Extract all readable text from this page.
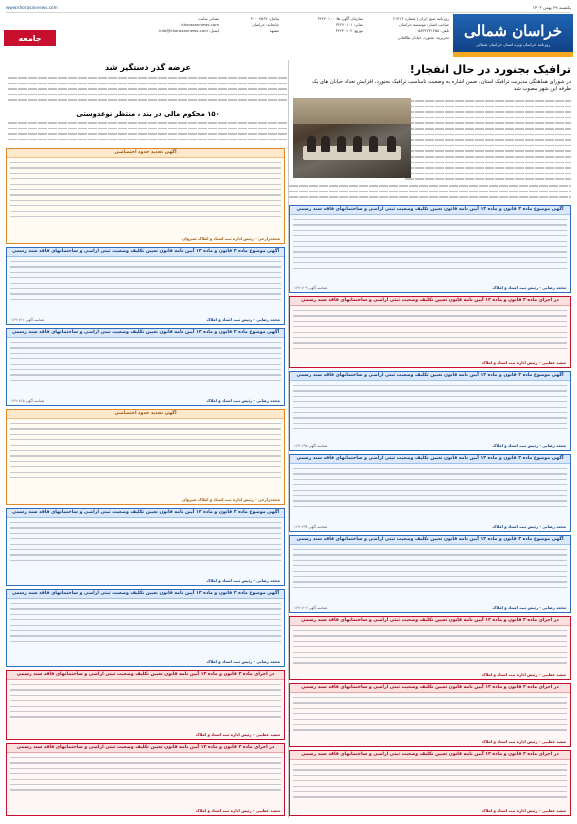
یکشنبه ۲۹ بهمن ۱۴۰۲
www.khorasannews.com
خراسان شمالی
روزنامه خراسان ویژه استان خراسان شمالی
روزنامه صبح ایران | شماره ۲۱۳۱۲
صاحب امتیاز: موسسه خراسان
تلفن: ۰۵۸۳۲۲۳۱۴۵۸
تحریریه: بجنورد، خیابان طالقانی
سازمان آگهی ها: ۳۲۲۴۰۱۰۰
نمابر: ۳۲۲۴۰۱۰۱
توزیع: ۳۲۲۴۰۱۰۲
پیامک: ۳۰۰۰۴۵۶۷
چاپخانه: خراسان
مشهد
نشانی سایت
khorasannews.com
ایمیل: info@khorasannews.com
جامعه
ترافیک بجنورد در حال انفجار!
در شورای هماهنگی مدیریت ترافیک استان، ضمن اشاره به وضعیت نامناسب ترافیک بجنورد، افزایش تعداد خیابان های یک طرفه این شهر مصوب شد
عرضه گذر دستگیر شد
۱۵۰ محکوم مالی در بند ، منتظر نوعدوستی
آگهی موضوع ماده ۳ قانون و ماده ۱۳ آیین نامه قانون تعیین تکلیف وضعیت ثبتی اراضی و ساختمانهای فاقد سند رسمی
محمد رضایی - رئیس ثبت اسناد و املاک
شناسه آگهی ۱۶۹۰۷۰۹
در اجرای ماده ۳ قانون و ماده ۱۳ آیین نامه قانون تعیین تکلیف وضعیت ثبتی اراضی و ساختمانهای فاقد سند رسمی
سعید عطیبی - رئیس اداره ثبت اسناد و املاک
آگهی موضوع ماده ۳ قانون و ماده ۱۳ آیین نامه قانون تعیین تکلیف وضعیت ثبتی اراضی و ساختمانهای فاقد سند رسمی
محمد رضایی - رئیس ثبت اسناد و املاک
شناسه آگهی ۱۶۹۰۶۹۸
آگهی موضوع ماده ۳ قانون و ماده ۱۳ آیین نامه قانون تعیین تکلیف وضعیت ثبتی اراضی و ساختمانهای فاقد سند رسمی
محمد رضایی - رئیس ثبت اسناد و املاک
شناسه آگهی ۱۶۹۰۶۹۴
آگهی موضوع ماده ۳ قانون و ماده ۱۳ آیین نامه قانون تعیین تکلیف وضعیت ثبتی اراضی و ساختمانهای فاقد سند رسمی
محمد رضایی - رئیس ثبت اسناد و املاک
شناسه آگهی ۱۶۹۰۷۰۲
در اجرای ماده ۳ قانون و ماده ۱۳ آیین نامه قانون تعیین تکلیف وضعیت ثبتی اراضی و ساختمانهای فاقد سند رسمی
سعید عطیبی - رئیس اداره ثبت اسناد و املاک
در اجرای ماده ۳ قانون و ماده ۱۳ آیین نامه قانون تعیین تکلیف وضعیت ثبتی اراضی و ساختمانهای فاقد سند رسمی
سعید عطیبی - رئیس اداره ثبت اسناد و املاک
در اجرای ماده ۳ قانون و ماده ۱۳ آیین نامه قانون تعیین تکلیف وضعیت ثبتی اراضی و ساختمانهای فاقد سند رسمی
سعید عطیبی - رئیس اداره ثبت اسناد و املاک
آگهی تحدید حدود اختصاصی
محمدزارعی - رئیس اداره ثبت اسناد و املاک شیروان
آگهی موضوع ماده ۳ قانون و ماده ۱۳ آیین نامه قانون تعیین تکلیف وضعیت ثبتی اراضی و ساختمانهای فاقد سند رسمی
محمد رضایی - رئیس ثبت اسناد و املاک
شناسه آگهی ۱۶۹۰۷۱۱
آگهی موضوع ماده ۳ قانون و ماده ۱۳ آیین نامه قانون تعیین تکلیف وضعیت ثبتی اراضی و ساختمانهای فاقد سند رسمی
محمد رضایی - رئیس ثبت اسناد و املاک
شناسه آگهی ۱۶۹۰۷۱۵
آگهی تحدید حدود اختصاصی
محمدزارعی - رئیس اداره ثبت اسناد و املاک شیروان
آگهی موضوع ماده ۳ قانون و ماده ۱۳ آیین نامه قانون تعیین تکلیف وضعیت ثبتی اراضی و ساختمانهای فاقد سند رسمی
محمد رضایی - رئیس ثبت اسناد و املاک
آگهی موضوع ماده ۳ قانون و ماده ۱۳ آیین نامه قانون تعیین تکلیف وضعیت ثبتی اراضی و ساختمانهای فاقد سند رسمی
محمد رضایی - رئیس ثبت اسناد و املاک
در اجرای ماده ۳ قانون و ماده ۱۳ آیین نامه قانون تعیین تکلیف وضعیت ثبتی اراضی و ساختمانهای فاقد سند رسمی
سعید عطیبی - رئیس اداره ثبت اسناد و املاک
در اجرای ماده ۳ قانون و ماده ۱۳ آیین نامه قانون تعیین تکلیف وضعیت ثبتی اراضی و ساختمانهای فاقد سند رسمی
سعید عطیبی - رئیس اداره ثبت اسناد و املاک
